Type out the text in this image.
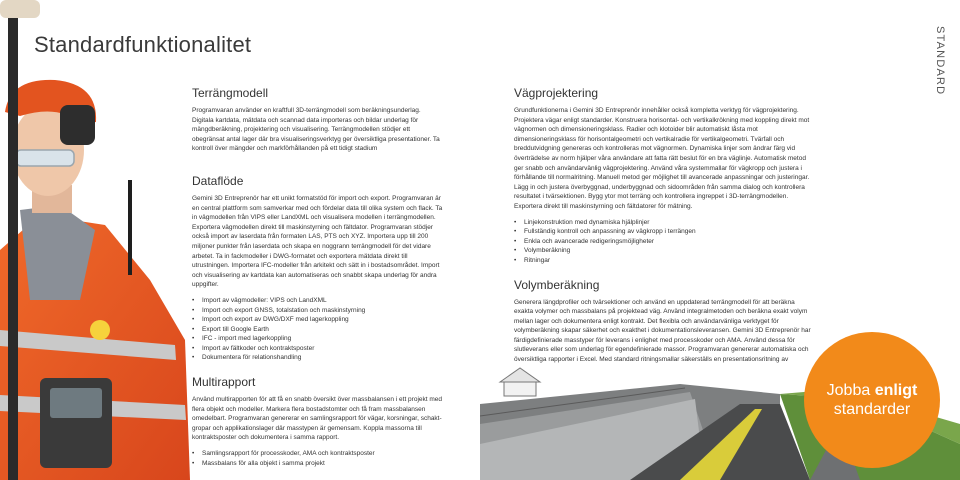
Standardfunktionalitet	STANDARD
Terrängmodell

Programvaran använder en kraftfull 3D-terrängmodell som beräkningsunderlag. Digitala kartdata, mätdata och scannad data importeras och bildar underlag för mängdberäkning, projektering och visualisering. Terrängmodellen stödjer ett obegränsat antal lager där bra visualiseringsverktyg ger översiktliga presentationer. Ta kontroll över mängder och markförhållanden på ett tidigt stadium

Dataflöde

Gemini 3D Entreprenör har ett unikt formatstöd för import och export. Programvaran är en central plattform som samverkar med och fördelar data till olika system och flack. Ta in vägmodellen från VIPS eller LandXML och visualisera modellen i terrängmodellen. Exportera vägmodellen direkt till maskinstyrning och fältdator. Programvaran stödjer också import av laserdata från formaten LAS, PTS och XYZ. Importera upp till 200 miljoner punkter från laserdata och skapa en noggrann terrängmodell för det vidare arbetet. Ta in fackmodeller i DWG-formatet och exportera mätdata direkt till utrustningen. Importera IFC-modeller från arkitekt och sätt in i bostadsområdet. Import och visualisering av kartdata kan automatiseras och snabbt skapa underlag för andra uppgifter.

• Import av vägmodeller: VIPS och LandXML
• Import och export GNSS, totalstation och maskinstyrning
• Import och export av DWG/DXF med lagerkoppling
• Export till Google Earth
• IFC - import med lagerkoppling
• Import av fältkoder och kontraktsposter
• Dokumentera för relationshandling
Multirapport

Använd multirapporten för att få en snabb översikt över massbalansen i ett projekt med flera objekt och modeller. Markera flera bostadstomter och få fram massbalansen omedelbart. Programvaran genererar en samlingsrapport för vägar, korsningar, schakt-gropar och applikationslager där masstypen är gemensam. Koppla massorna till kontraktsposter och dokumentera i samma rapport.

• Samlingsrapport för processkoder, AMA och kontraktsposter
• Massbalans för alla objekt i samma projekt
Vägprojektering

Grundfunktionerna i Gemini 3D Entreprenör innehåller också kompletta verktyg för vägprojektering. Projektera vägar enligt standarder. Konstruera horisontal- och vertikalkrökning med koppling direkt mot vägnormen och dimensioneringsklass. Radier och klotoider blir automatiskt låsta mot dimensioneringsklass för horisontalgeometri och vertikalradie för vertikalgeometri. Tvärfall och breddutvidgning genereras och kontrolleras mot vägnormen. Dynamiska linjer som ändrar färg vid överträdelse av norm hjälper våra användare att fatta rätt beslut för en bra väglinje. Automatisk metod ger snabb och användarvänlig vägprojektering. Använd våra systemmallar för vägkropp och justera i förhållande till normalritning. Manuell metod ger möjlighet till avancerade anpassningar och justeringar. Lägg in och justera överbyggnad, underbyggnad och sidoområden från samma dialog och kontrollera resultatet i tvärsektionen. Bygg ytor mot terräng och kontrollera ingreppet i 3D-terrängmodellen. Exportera direkt till maskinstyrning och fältdatorer för mätning.

• Linjekonstruktion med dynamiska hjälplinjer
• Fullständig kontroll och anpassning av vägkropp i terrängen
• Enkla och avancerade redigeringsmöjligheter
• Volymberäkning
• Ritningar
Volymberäkning

Generera längdprofiler och tvärsektioner och använd en uppdaterad terrängmodell för att beräkna exakta volymer och massbalans på projektead väg. Använd integralmetoden och beräkna exakt volym mellan lager och dokumentera enligt kontrakt. Det flexibla och användarvänliga verktyget för volymberäkning skapar säkerhet och exakthet i dokumentationsleveransen. Gemini 3D Entreprenör har färdigdefinierade masstyper för leverans i enlighet med processkoder och AMA. Använd dessa för slutleverans eller som underlag för egendefinierade massor. Programvaran genererar automatiska och översiktliga rapporter i Excel. Med standard ritningsmallar säkerställs en presentationsritning av

Jobba enligt
standarder
